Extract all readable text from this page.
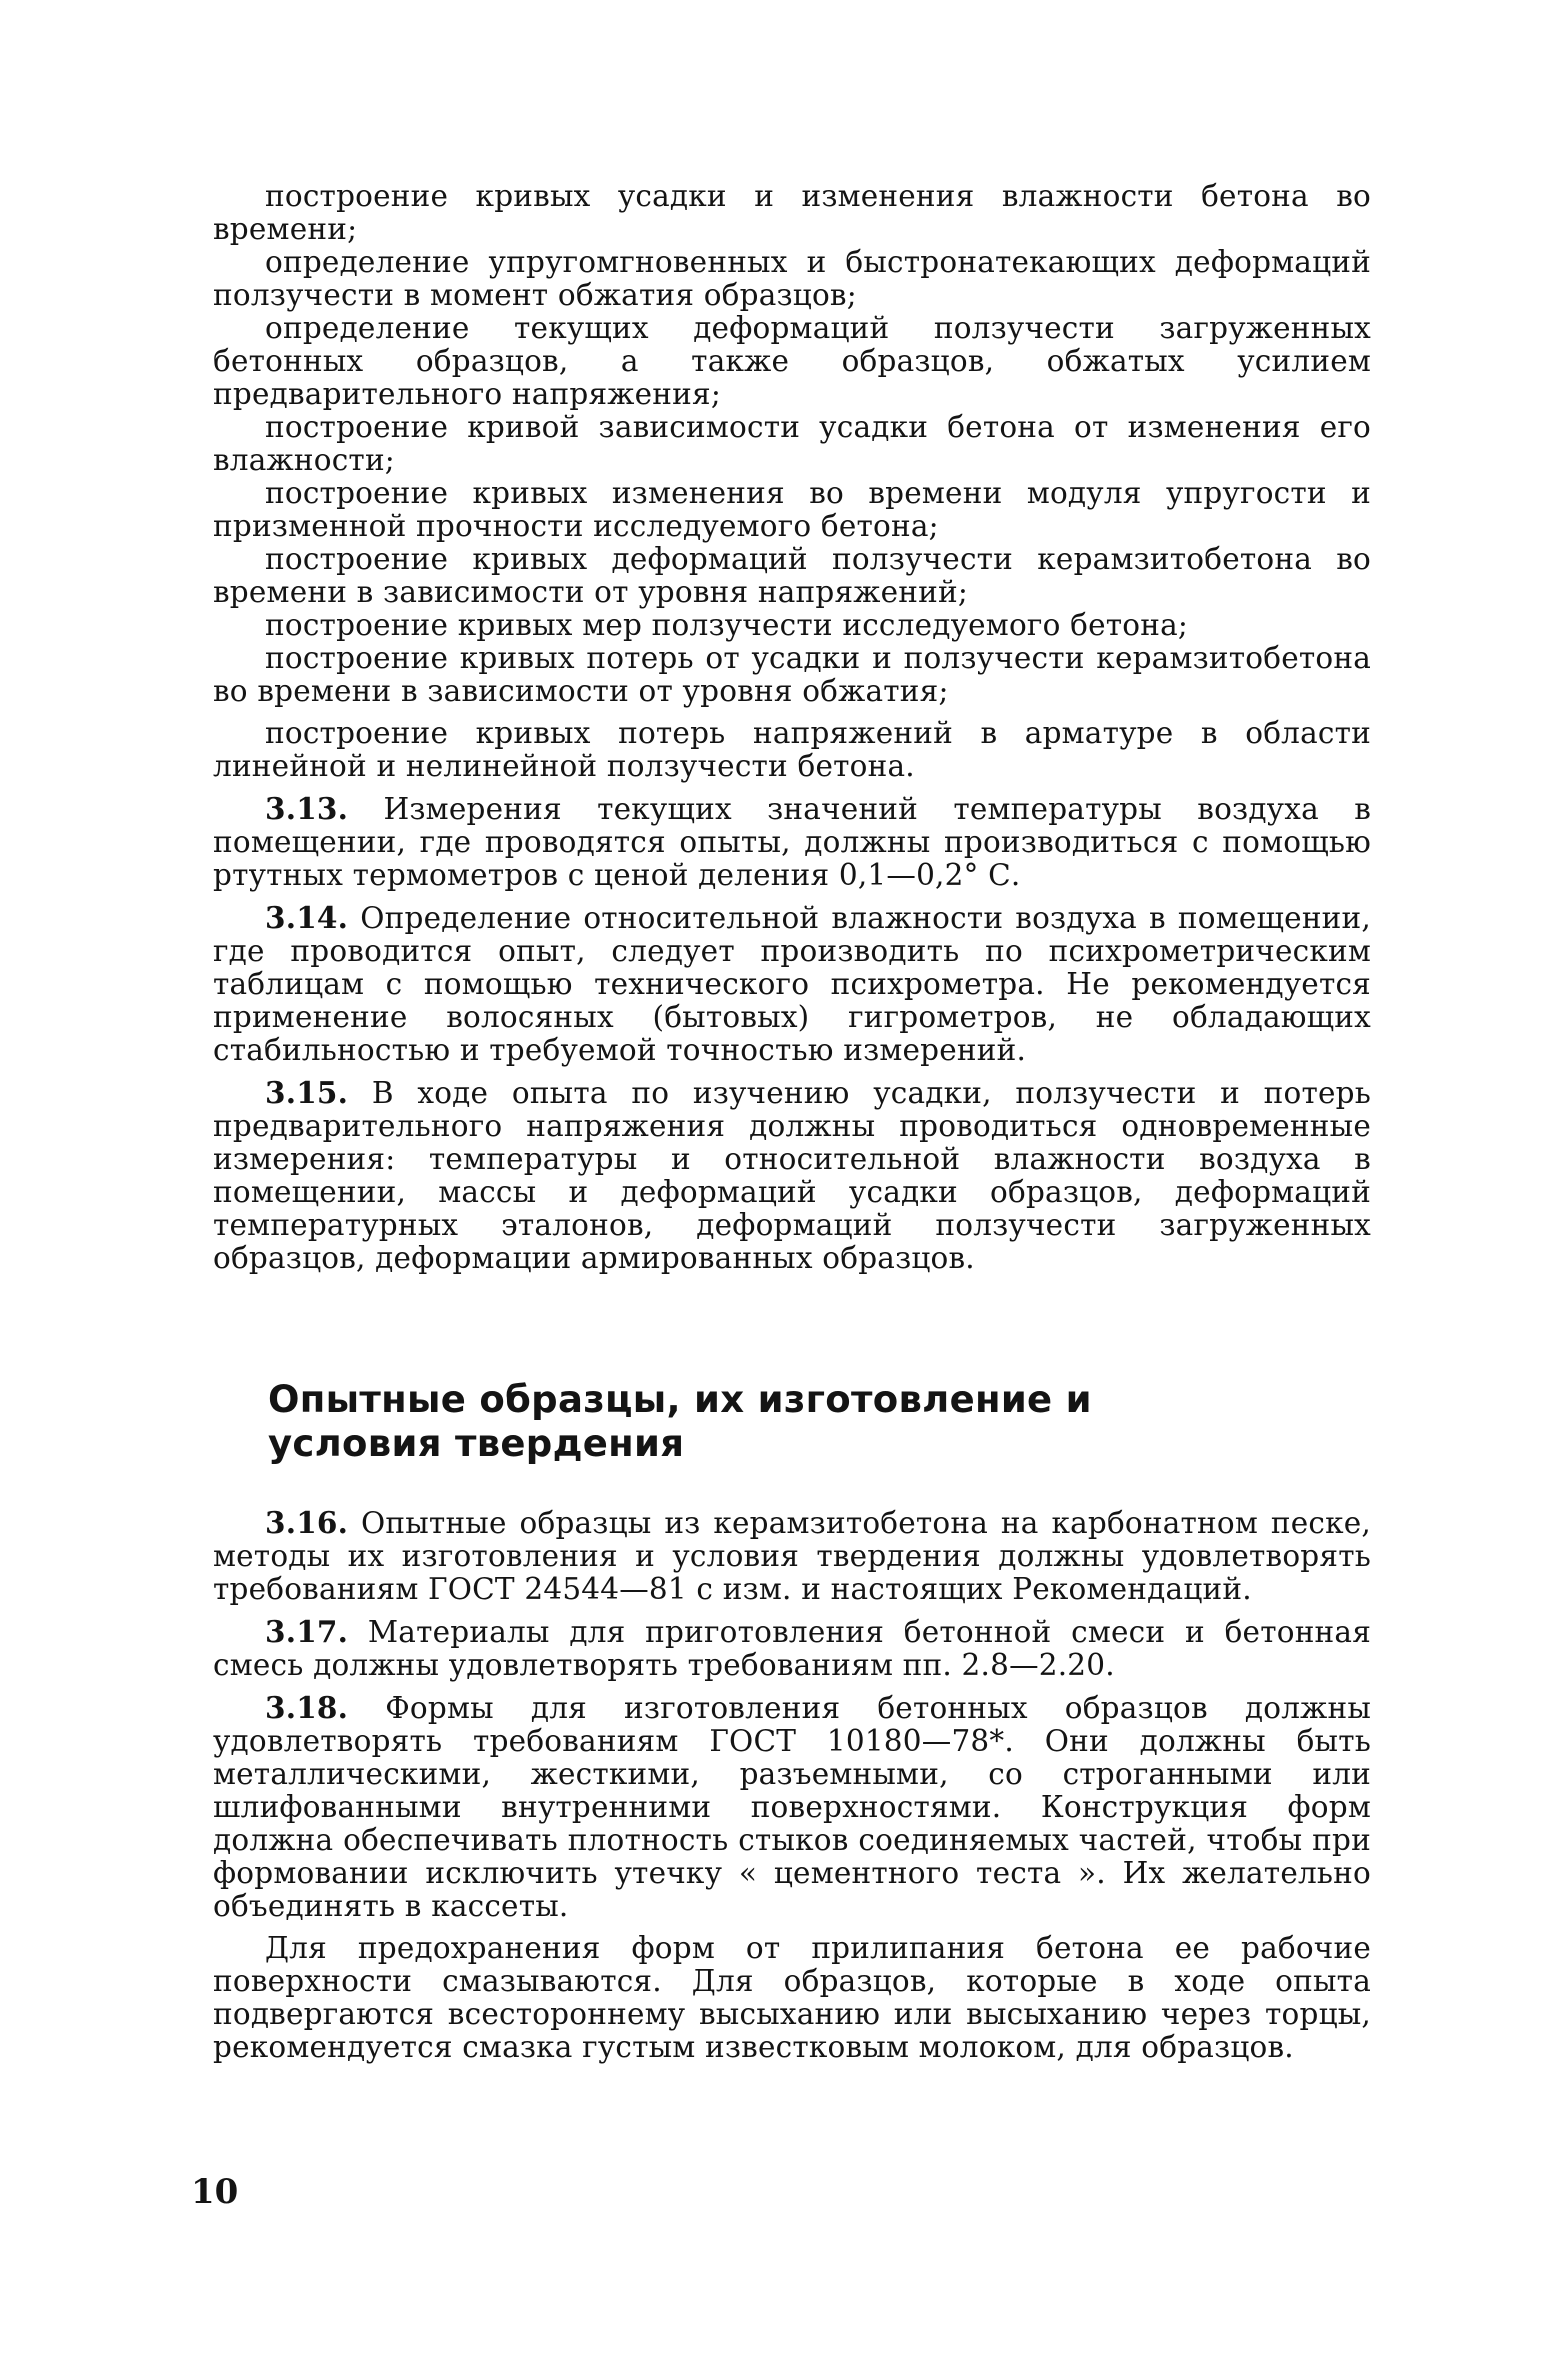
построение кривых усадки и изменения влажности бетона во времени;

определение упругомгновенных и быстронатекающих деформаций ползучести в момент обжатия образцов;

определение текущих деформаций ползучести загруженных бетонных образцов, а также образцов, обжатых усилием предварительного напряжения;

построение кривой зависимости усадки бетона от изменения его влажности;

построение кривых изменения во времени модуля упругости и призменной прочности исследуемого бетона;

построение кривых деформаций ползучести керамзитобетона во времени в зависимости от уровня напряжений;

построение кривых мер ползучести исследуемого бетона;

построение кривых потерь от усадки и ползучести керамзитобетона во времени в зависимости от уровня обжатия;

построение кривых потерь напряжений в арматуре в области линейной и нелинейной ползучести бетона.

3.13. Измерения текущих значений температуры воздуха в помещении, где проводятся опыты, должны производиться с помощью ртутных термометров с ценой деления 0,1—0,2° С.

3.14. Определение относительной влажности воздуха в помещении, где проводится опыт, следует производить по психрометрическим таблицам с помощью технического психрометра. Не рекомендуется применение волосяных (бытовых) гигрометров, не обладающих стабильностью и требуемой точностью измерений.

3.15. В ходе опыта по изучению усадки, ползучести и потерь предварительного напряжения должны проводиться одновременные измерения: температуры и относительной влажности воздуха в помещении, массы и деформаций усадки образцов, деформаций температурных эталонов, деформаций ползучести загруженных образцов, деформации армированных образцов.

Опытные образцы, их изготовление и условия твердения

3.16. Опытные образцы из керамзитобетона на карбонатном песке, методы их изготовления и условия твердения должны удовлетворять требованиям ГОСТ 24544—81 с изм. и настоящих Рекомендаций.

3.17. Материалы для приготовления бетонной смеси и бетонная смесь должны удовлетворять требованиям пп. 2.8—2.20.

3.18. Формы для изготовления бетонных образцов должны удовлетворять требованиям ГОСТ 10180—78*. Они должны быть металлическими, жесткими, разъемными, со строганными или шлифованными внутренними поверхностями. Конструкция форм должна обеспечивать плотность стыков соединяемых частей, чтобы при формовании исключить утечку « цементного теста ». Их желательно объединять в кассеты.

Для предохранения форм от прилипания бетона ее рабочие поверхности смазываются. Для образцов, которые в ходе опыта подвергаются всестороннему высыханию или высыханию через торцы, рекомендуется смазка густым известковым молоком, для образцов.

10
